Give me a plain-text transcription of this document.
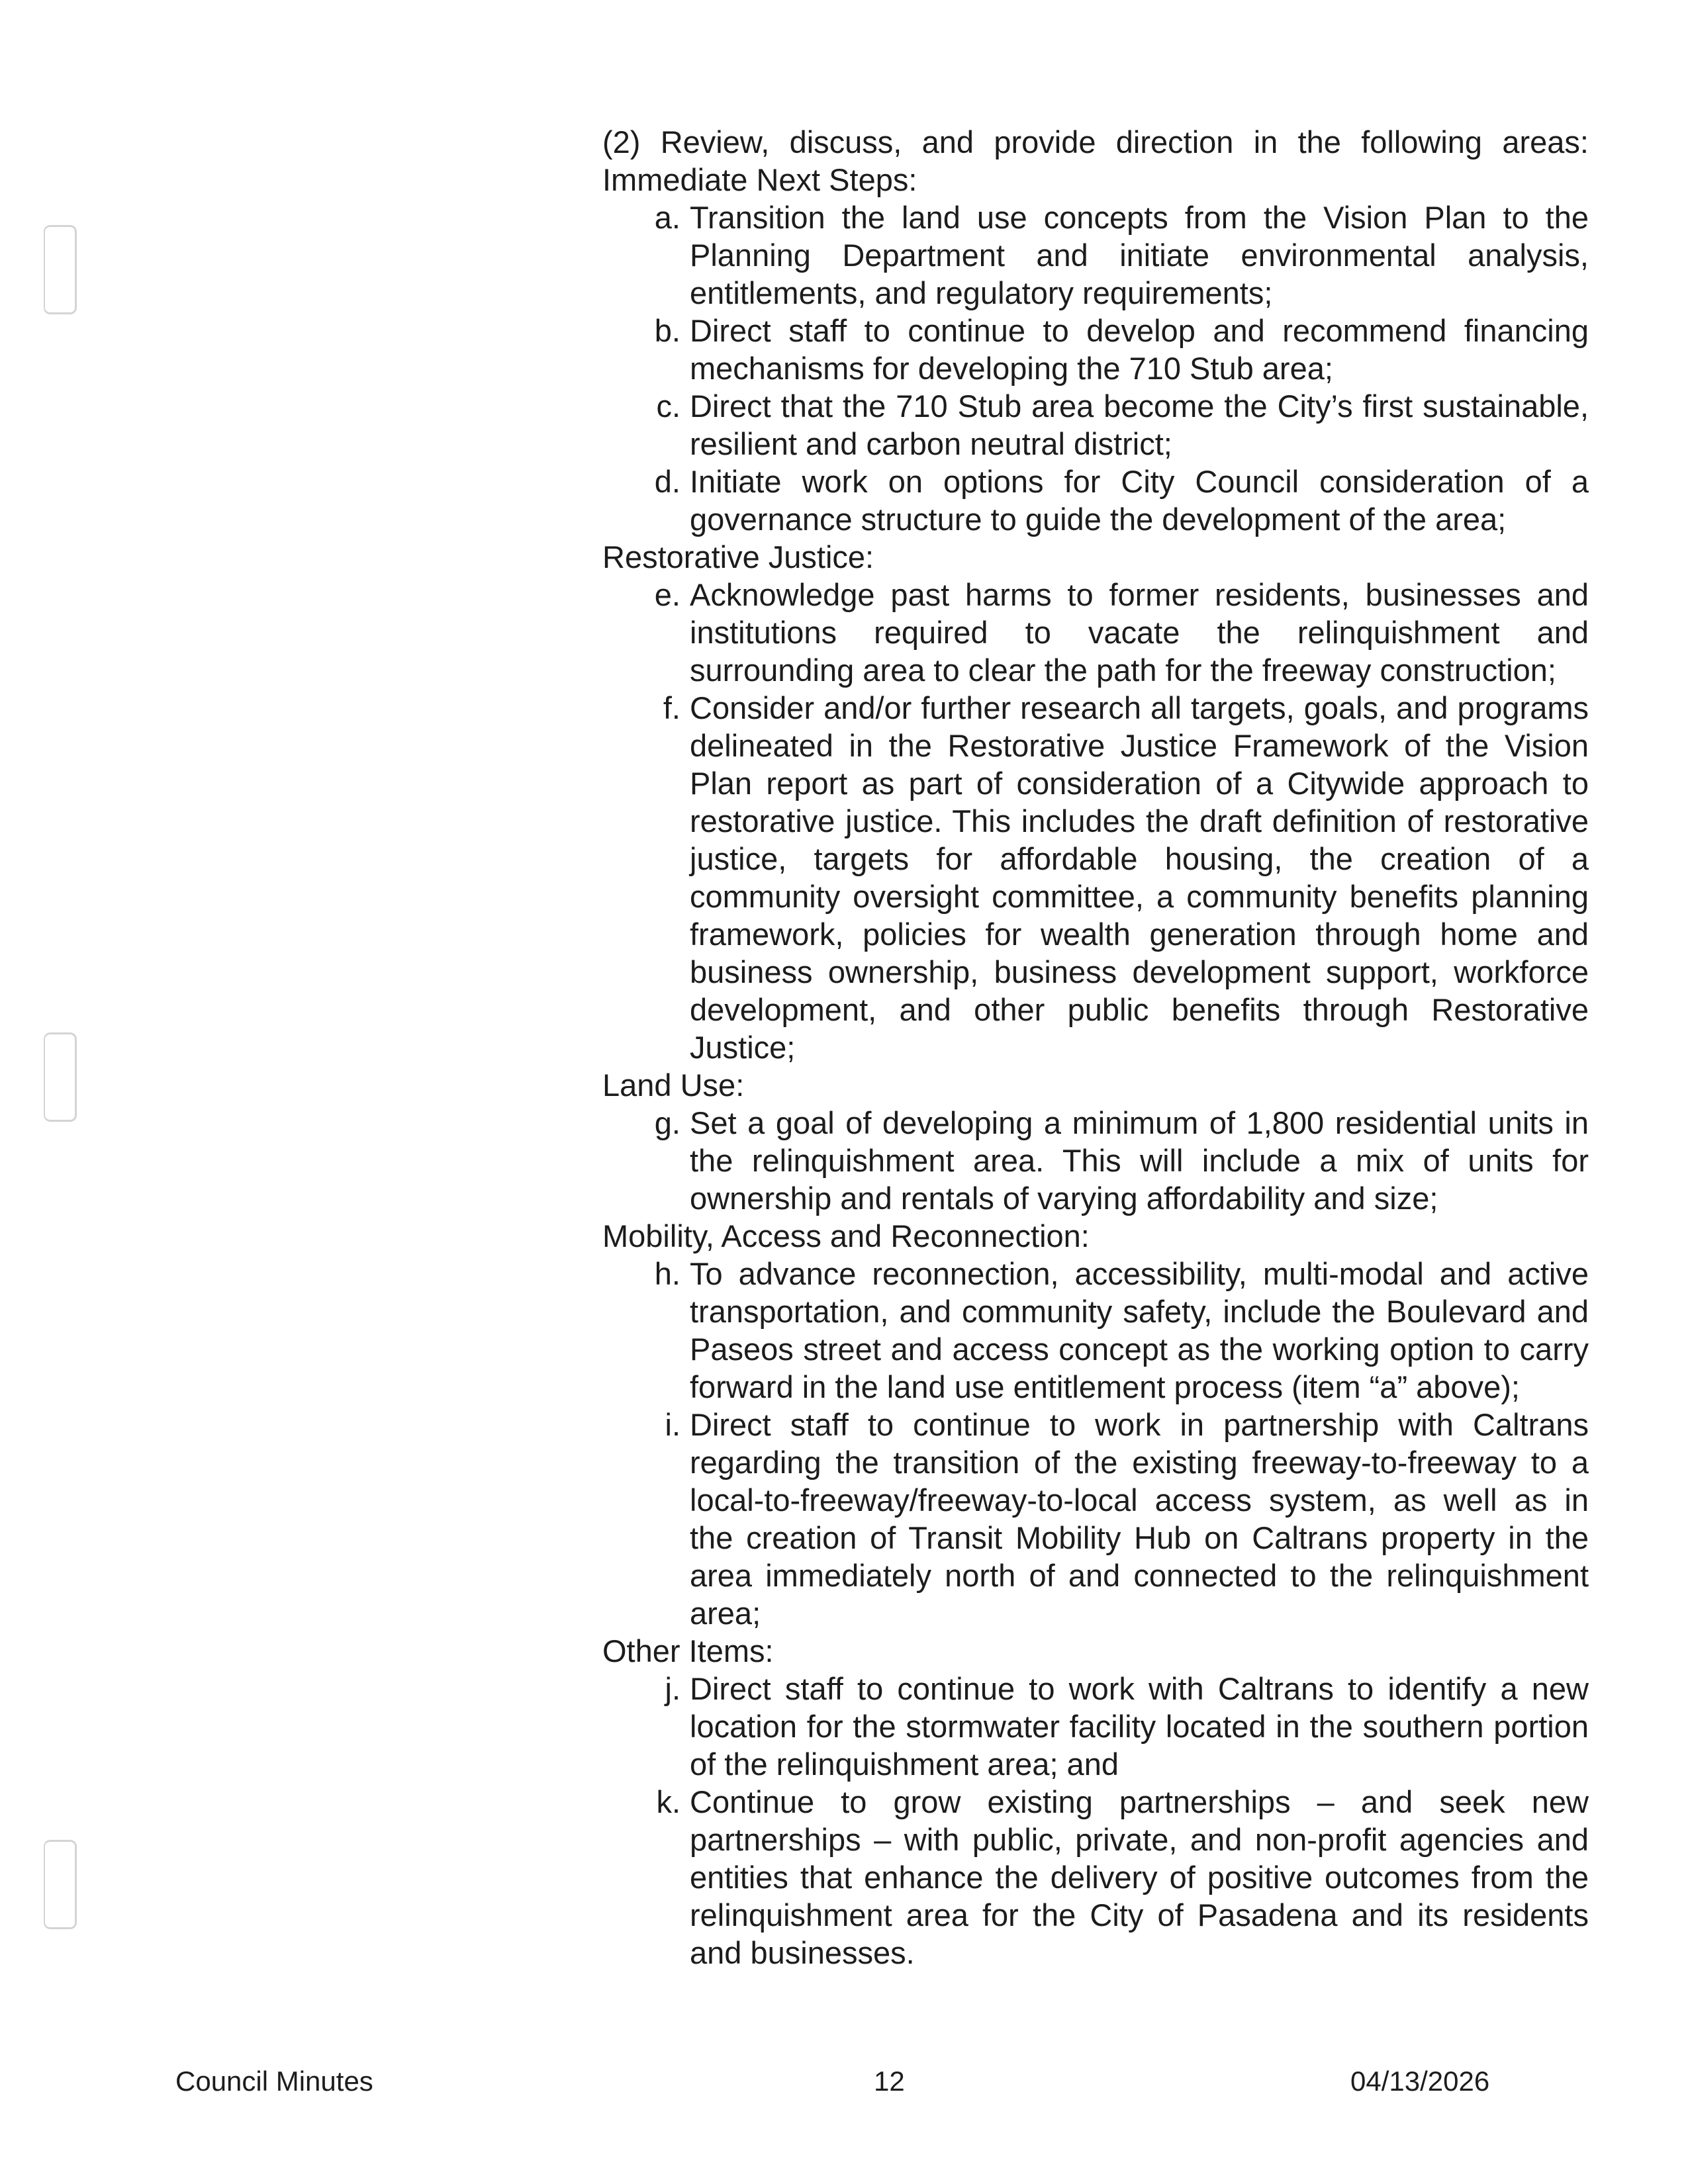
(2) Review, discuss, and provide direction in the following areas:

Immediate Next Steps:

a. Transition the land use concepts from the Vision Plan to the Planning Department and initiate environmental analysis, entitlements, and regulatory requirements;
b. Direct staff to continue to develop and recommend financing mechanisms for developing the 710 Stub area;
c. Direct that the 710 Stub area become the City’s first sustainable, resilient and carbon neutral district;
d. Initiate work on options for City Council consideration of a governance structure to guide the development of the area;

Restorative Justice:

e. Acknowledge past harms to former residents, businesses and institutions required to vacate the relinquishment and surrounding area to clear the path for the freeway construction;
f. Consider and/or further research all targets, goals, and programs delineated in the Restorative Justice Framework of the Vision Plan report as part of consideration of a Citywide approach to restorative justice. This includes the draft definition of restorative justice, targets for affordable housing, the creation of a community oversight committee, a community benefits planning framework, policies for wealth generation through home and business ownership, business development support, workforce development, and other public benefits through Restorative Justice;

Land Use:

g. Set a goal of developing a minimum of 1,800 residential units in the relinquishment area. This will include a mix of units for ownership and rentals of varying affordability and size;

Mobility, Access and Reconnection:

h. To advance reconnection, accessibility, multi-modal and active transportation, and community safety, include the Boulevard and Paseos street and access concept as the working option to carry forward in the land use entitlement process (item “a” above);
i. Direct staff to continue to work in partnership with Caltrans regarding the transition of the existing freeway-to-freeway to a local-to-freeway/freeway-to-local access system, as well as in the creation of Transit Mobility Hub on Caltrans property in the area immediately north of and connected to the relinquishment area;

Other Items:

j. Direct staff to continue to work with Caltrans to identify a new location for the stormwater facility located in the southern portion of the relinquishment area; and
k. Continue to grow existing partnerships – and seek new partnerships – with public, private, and non-profit agencies and entities that enhance the delivery of positive outcomes from the relinquishment area for the City of Pasadena and its residents and businesses.
Council Minutes	12	04/13/2026
